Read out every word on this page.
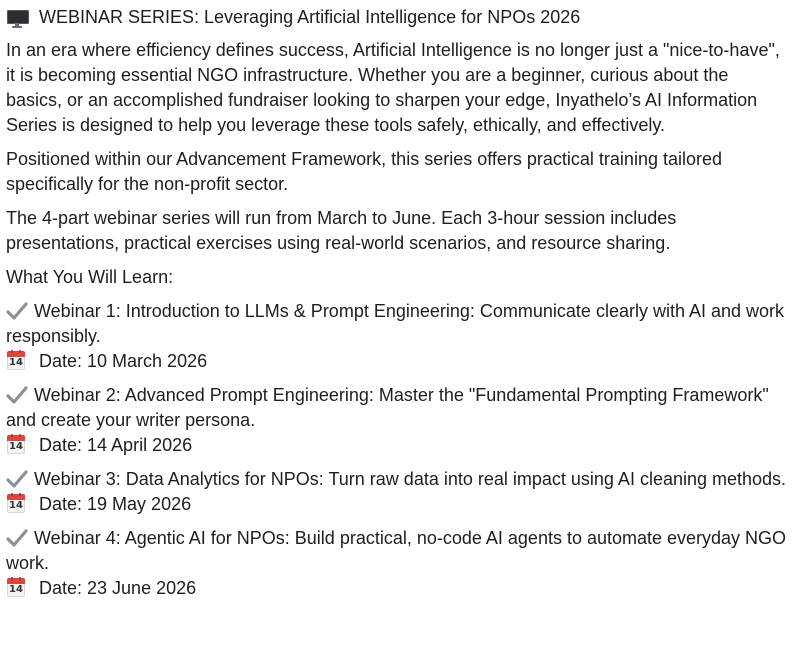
WEBINAR SERIES: Leveraging Artificial Intelligence for NPOs 2026

In an era where efficiency defines success, Artificial Intelligence is no longer just a "nice-to-have", it is becoming essential NGO infrastructure. Whether you are a beginner, curious about the basics, or an accomplished fundraiser looking to sharpen your edge, Inyathelo’s AI Information Series is designed to help you leverage these tools safely, ethically, and effectively.

Positioned within our Advancement Framework, this series offers practical training tailored specifically for the non-profit sector.

The 4-part webinar series will run from March to June. Each 3-hour session includes presentations, practical exercises using real-world scenarios, and resource sharing.

What You Will Learn:

Webinar 1: Introduction to LLMs & Prompt Engineering: Communicate clearly with AI and work responsibly.
14 Date: 10 March 2026
Webinar 2: Advanced Prompt Engineering: Master the "Fundamental Prompting Framework" and create your writer persona.
14 Date: 14 April 2026
Webinar 3: Data Analytics for NPOs: Turn raw data into real impact using AI cleaning methods.
14 Date: 19 May 2026
Webinar 4: Agentic AI for NPOs: Build practical, no-code AI agents to automate everyday NGO work.
14 Date: 23 June 2026
